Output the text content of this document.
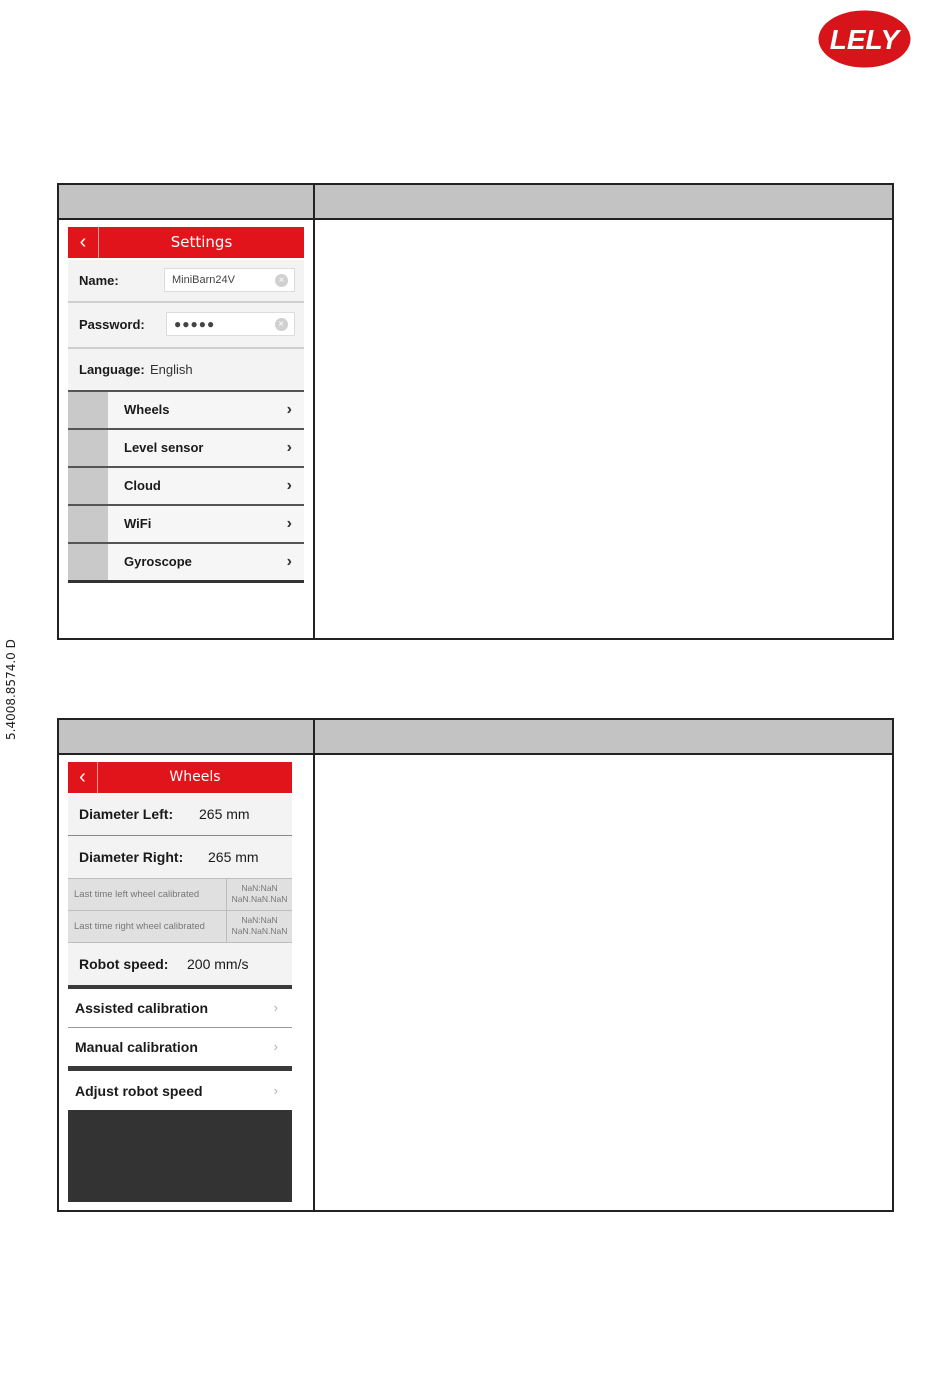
LELY
5.4008.8574.0 D
‹	Settings
Name:	MiniBarn24V	×
Password:	●●●●●	×
Language: English
Wheels	›
Level sensor	›
Cloud	›
WiFi	›
Gyroscope	›
‹	Wheels
Diameter Left: 265 mm
Diameter Right: 265 mm
Last time left wheel calibrated
NaN:NaN
NaN.NaN.NaN
Last time right wheel calibrated
NaN:NaN
NaN.NaN.NaN
Robot speed: 200 mm/s
Assisted calibration	›
Manual calibration	›
Adjust robot speed	›
